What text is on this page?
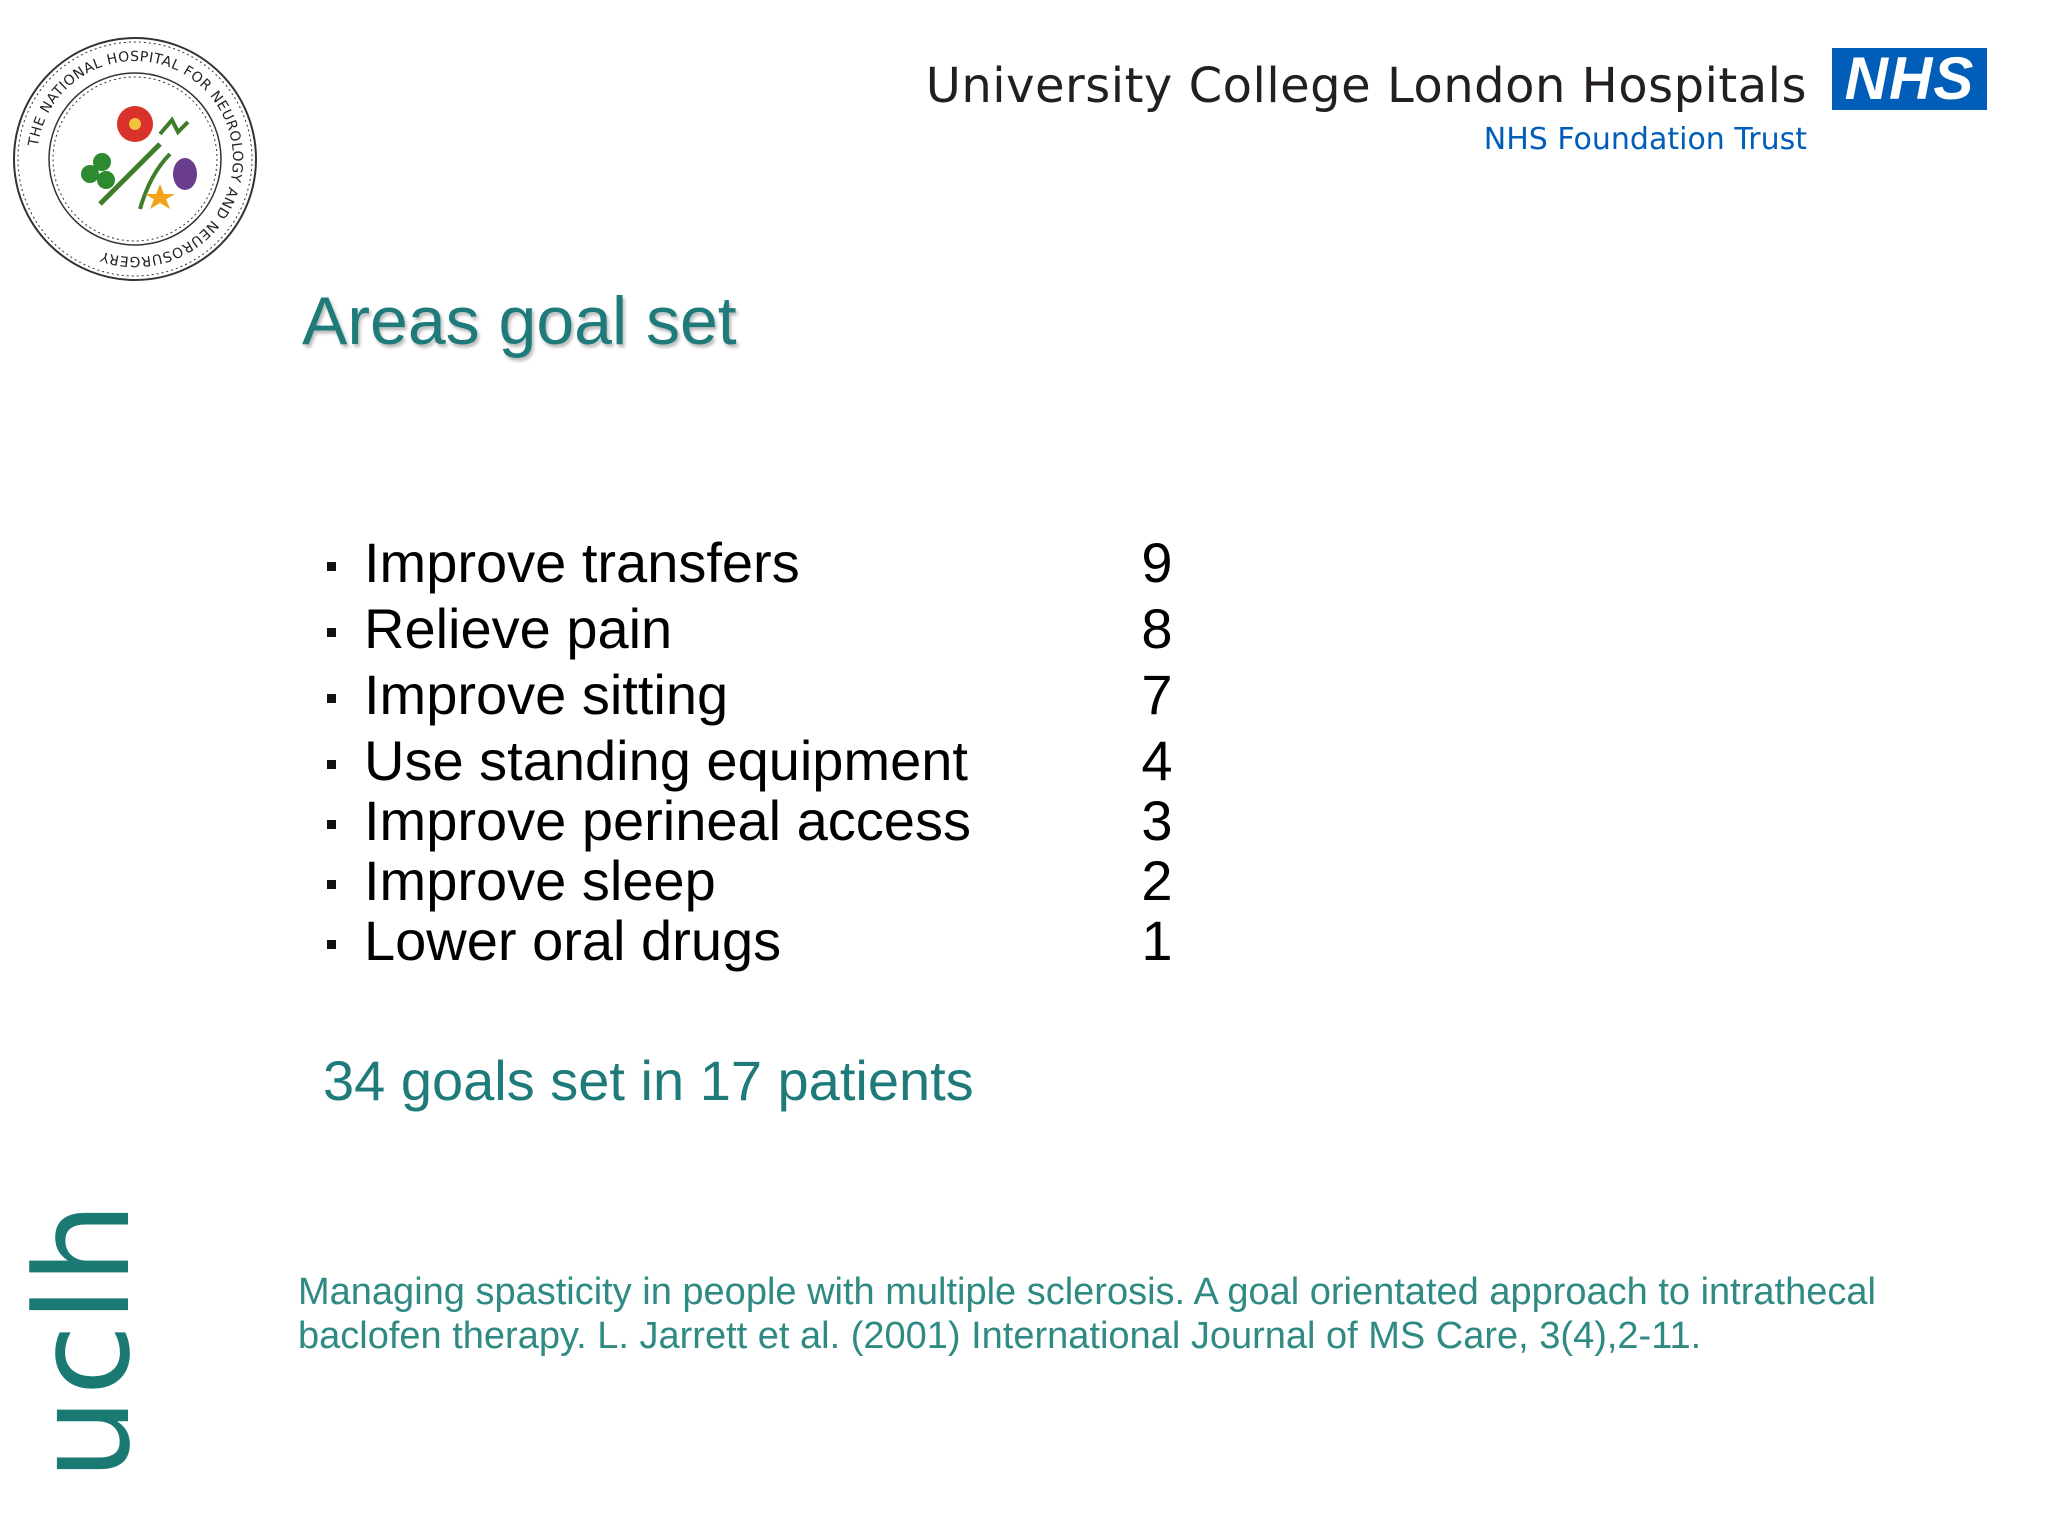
THE NATIONAL HOSPITAL FOR NEUROLOGY AND NEUROSURGERY
University College London Hospitals
NHS Foundation Trust
NHS
Areas goal set
Improve transfers	9
Relieve pain	8
Improve sitting	7
Use standing equipment	4
Improve perineal access	3
Improve sleep	2
Lower oral drugs	1
34 goals set in 17 patients
Managing spasticity in people with multiple sclerosis. A goal orientated approach to intrathecal baclofen therapy. L. Jarrett et al. (2001) International Journal of MS Care, 3(4),2-11.
uclh
